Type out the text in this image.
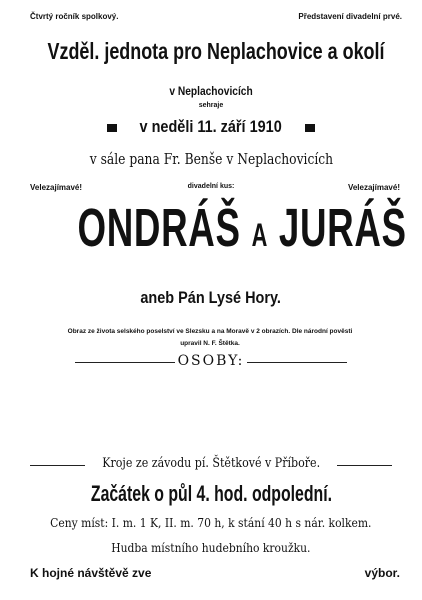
Čtvrtý ročník spolkový.	Představení divadelní prvé.
Vzděl. jednota pro Neplachovice a okolí
v Neplachovicích
sehraje
v neděli 11. září 1910
v sále pana Fr. Benše v Neplachovicích
Velezajímavé!	divadelní kus:	Velezajímavé!
ONDRÁŠ A JURÁŠ
aneb Pán Lysé Hory.
Obraz ze života selského poselství ve Slezsku a na Moravě v 2 obrazích. Dle národní pověsti upravil N. F. Štětka.
OSOBY:
Kroje ze závodu pí. Štětkové v Příboře.
Začátek o půl 4. hod. odpolední.
Ceny míst: I. m. 1 K, II. m. 70 h, k stání 40 h s nár. kolkem.
Hudba místního hudebního kroužku.
K hojné návštěvě zve	výbor.
